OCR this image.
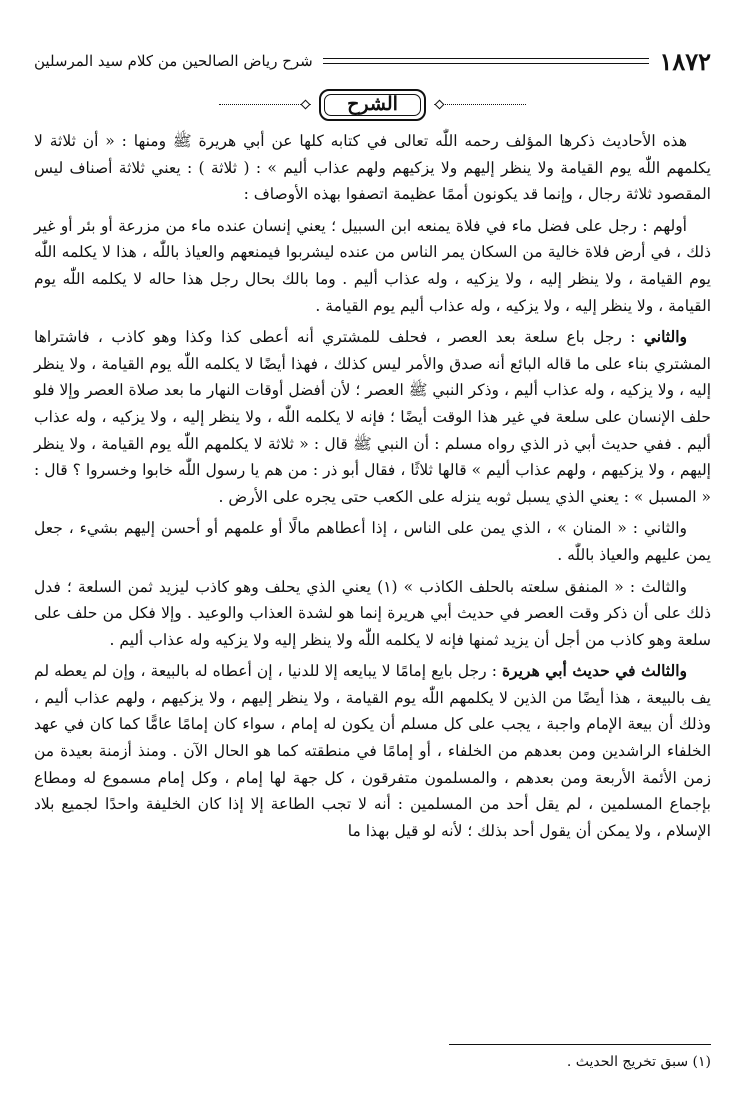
١٨٧٢
شرح رياض الصالحين من كلام سيد المرسلين
الشرح

هذه الأحاديث ذكرها المؤلف رحمه اللّٰه تعالى في كتابه كلها عن أبي هريرة ﷺ ومنها : « أن ثلاثة لا يكلمهم اللّٰه يوم القيامة ولا ينظر إليهم ولا يزكيهم ولهم عذاب أليم » : ( ثلاثة ) : يعني ثلاثة أصناف ليس المقصود ثلاثة رجال ، وإنما قد يكونون أممًا عظيمة اتصفوا بهذه الأوصاف :

أولهم : رجل على فضل ماء في فلاة يمنعه ابن السبيل ؛ يعني إنسان عنده ماء من مزرعة أو بئر أو غير ذلك ، في أرض فلاة خالية من السكان يمر الناس من عنده ليشربوا فيمنعهم والعياذ باللّٰه ، هذا لا يكلمه اللّٰه يوم القيامة ، ولا ينظر إليه ، ولا يزكيه ، وله عذاب أليم . وما بالك بحال رجل هذا حاله لا يكلمه اللّٰه يوم القيامة ، ولا ينظر إليه ، ولا يزكيه ، وله عذاب أليم يوم القيامة .

والثاني : رجل باع سلعة بعد العصر ، فحلف للمشتري أنه أعطى كذا وكذا وهو كاذب ، فاشتراها المشتري بناء على ما قاله البائع أنه صدق والأمر ليس كذلك ، فهذا أيضًا لا يكلمه اللّٰه يوم القيامة ، ولا ينظر إليه ، ولا يزكيه ، وله عذاب أليم ، وذكر النبي ﷺ العصر ؛ لأن أفضل أوقات النهار ما بعد صلاة العصر وإلا فلو حلف الإنسان على سلعة في غير هذا الوقت أيضًا ؛ فإنه لا يكلمه اللّٰه ، ولا ينظر إليه ، ولا يزكيه ، وله عذاب أليم . ففي حديث أبي ذر الذي رواه مسلم : أن النبي ﷺ قال : « ثلاثة لا يكلمهم اللّٰه يوم القيامة ، ولا ينظر إليهم ، ولا يزكيهم ، ولهم عذاب أليم » قالها ثلاثًا ، فقال أبو ذر : من هم يا رسول اللّٰه خابوا وخسروا ؟ قال : « المسبل » : يعني الذي يسبل ثوبه ينزله على الكعب حتى يجره على الأرض .

والثاني : « المنان » ، الذي يمن على الناس ، إذا أعطاهم مالًا أو علمهم أو أحسن إليهم بشيء ، جعل يمن عليهم والعياذ باللّٰه .

والثالث : « المنفق سلعته بالحلف الكاذب » (١) يعني الذي يحلف وهو كاذب ليزيد ثمن السلعة ؛ فدل ذلك على أن ذكر وقت العصر في حديث أبي هريرة إنما هو لشدة العذاب والوعيد . وإلا فكل من حلف على سلعة وهو كاذب من أجل أن يزيد ثمنها فإنه لا يكلمه اللّٰه ولا ينظر إليه ولا يزكيه وله عذاب أليم .

والثالث في حديث أبي هريرة : رجل بايع إمامًا لا يبايعه إلا للدنيا ، إن أعطاه له بالبيعة ، وإن لم يعطه لم يف بالبيعة ، هذا أيضًا من الذين لا يكلمهم اللّٰه يوم القيامة ، ولا ينظر إليهم ، ولا يزكيهم ، ولهم عذاب أليم ، وذلك أن بيعة الإمام واجبة ، يجب على كل مسلم أن يكون له إمام ، سواء كان إمامًا عامًّا كما كان في عهد الخلفاء الراشدين ومن بعدهم من الخلفاء ، أو إمامًا في منطقته كما هو الحال الآن . ومنذ أزمنة بعيدة من زمن الأئمة الأربعة ومن بعدهم ، والمسلمون متفرقون ، كل جهة لها إمام ، وكل إمام مسموع له ومطاع بإجماع المسلمين ، لم يقل أحد من المسلمين : أنه لا تجب الطاعة إلا إذا كان الخليفة واحدًا لجميع بلاد الإسلام ، ولا يمكن أن يقول أحد بذلك ؛ لأنه لو قيل بهذا ما

(١) سبق تخريج الحديث .
